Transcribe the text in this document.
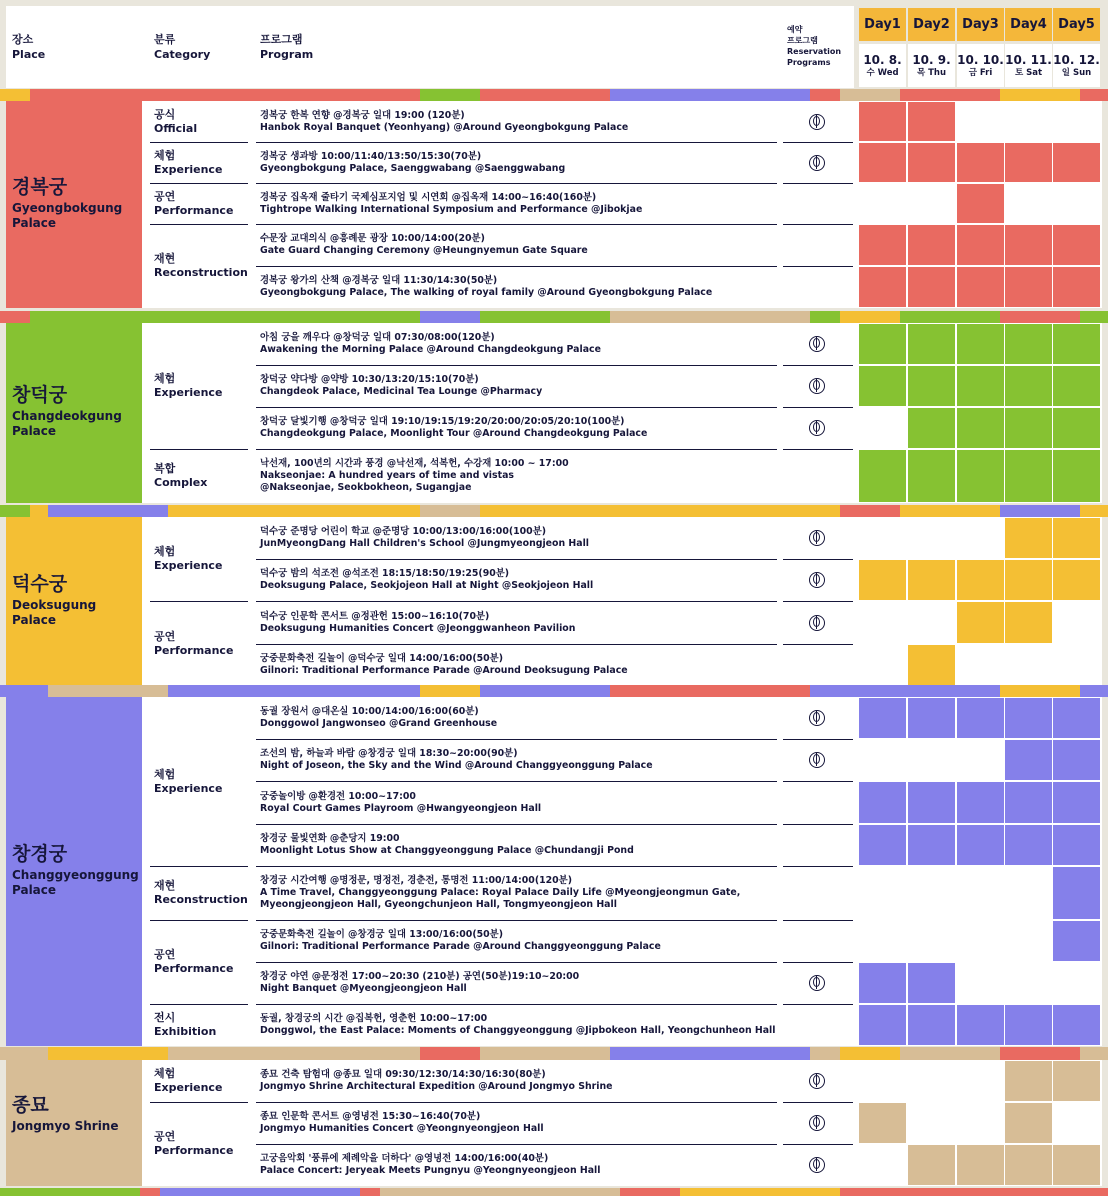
장소
Place
분류
Category
프로그램
Program
예약
프로그램
Reservation
Programs
Day1
10. 8.
수 Wed
Day2
10. 9.
목 Thu
Day3
10. 10.
금 Fri
Day4
10. 11.
토 Sat
Day5
10. 12.
일 Sun
경복궁
Gyeongbokgung
Palace
공식
Official
체험
Experience
공연
Performance
재현
Reconstruction
경복궁 한복 연향 @경복궁 일대 19:00 (120분)
Hanbok Royal Banquet (Yeonhyang) @Around Gyeongbokgung Palace
경복궁 생과방 10:00/11:40/13:50/15:30(70분)
Gyeongbokgung Palace, Saenggwabang @Saenggwabang
경복궁 집옥재 줄타기 국제심포지엄 및 시연회 @집옥재 14:00~16:40(160분)
Tightrope Walking International Symposium and Performance @Jibokjae
수문장 교대의식 @흥례문 광장 10:00/14:00(20분)
Gate Guard Changing Ceremony @Heungnyemun Gate Square
경복궁 왕가의 산책 @경복궁 일대 11:30/14:30(50분)
Gyeongbokgung Palace, The walking of royal family @Around Gyeongbokgung Palace
창덕궁
Changdeokgung
Palace
체험
Experience
복합
Complex
아침 궁을 깨우다 @창덕궁 일대 07:30/08:00(120분)
Awakening the Morning Palace @Around Changdeokgung Palace
창덕궁 약다방 @약방 10:30/13:20/15:10(70분)
Changdeok Palace, Medicinal Tea Lounge @Pharmacy
창덕궁 달빛기행 @창덕궁 일대 19:10/19:15/19:20/20:00/20:05/20:10(100분)
Changdeokgung Palace, Moonlight Tour @Around Changdeokgung Palace
낙선재, 100년의 시간과 풍경 @낙선재, 석복헌, 수강재 10:00 ~ 17:00
Nakseonjae: A hundred years of time and vistas
@Nakseonjae, Seokbokheon, Sugangjae
덕수궁
Deoksugung
Palace
체험
Experience
공연
Performance
덕수궁 준명당 어린이 학교 @준명당 10:00/13:00/16:00(100분)
JunMyeongDang Hall Children's School @Jungmyeongjeon Hall
덕수궁 밤의 석조전 @석조전 18:15/18:50/19:25(90분)
Deoksugung Palace, Seokjojeon Hall at Night @Seokjojeon Hall
덕수궁 인문학 콘서트 @정관헌 15:00~16:10(70분)
Deoksugung Humanities Concert @Jeonggwanheon Pavilion
궁중문화축전 길놀이 @덕수궁 일대 14:00/16:00(50분)
Gilnori: Traditional Performance Parade @Around Deoksugung Palace
창경궁
Changgyeonggung
Palace
체험
Experience
재현
Reconstruction
공연
Performance
전시
Exhibition
동궐 장원서 @대온실 10:00/14:00/16:00(60분)
Donggowol Jangwonseo @Grand Greenhouse
조선의 밤, 하늘과 바람 @창경궁 일대 18:30~20:00(90분)
Night of Joseon, the Sky and the Wind @Around Changgyeonggung Palace
궁중놀이방 @환경전 10:00~17:00
Royal Court Games Playroom @Hwangyeongjeon Hall
창경궁 물빛연화 @춘당지 19:00
Moonlight Lotus Show at Changgyeonggung Palace @Chundangji Pond
창경궁 시간여행 @명정문, 명정전, 경춘전, 통명전 11:00/14:00(120분)
A Time Travel, Changgyeonggung Palace: Royal Palace Daily Life @Myeongjeongmun Gate,
Myeongjeongjeon Hall, Gyeongchunjeon Hall, Tongmyeongjeon Hall
궁중문화축전 길놀이 @창경궁 일대 13:00/16:00(50분)
Gilnori: Traditional Performance Parade @Around Changgyeonggung Palace
창경궁 야연 @문정전 17:00~20:30 (210분) 공연(50분)19:10~20:00
Night Banquet @Myeongjeongjeon Hall
동궐, 창경궁의 시간 @집복헌, 영춘헌 10:00~17:00
Donggwol, the East Palace: Moments of Changgyeonggung @Jipbokeon Hall, Yeongchunheon Hall
종묘
Jongmyo Shrine
체험
Experience
공연
Performance
종묘 건축 탐험대 @종묘 일대 09:30/12:30/14:30/16:30(80분)
Jongmyo Shrine Architectural Expedition @Around Jongmyo Shrine
종묘 인문학 콘서트 @영녕전 15:30~16:40(70분)
Jongmyo Humanities Concert @Yeongnyeongjeon Hall
고궁음악회 '풍류에 제례악을 더하다' @영녕전 14:00/16:00(40분)
Palace Concert: Jeryeak Meets Pungnyu @Yeongnyeongjeon Hall
